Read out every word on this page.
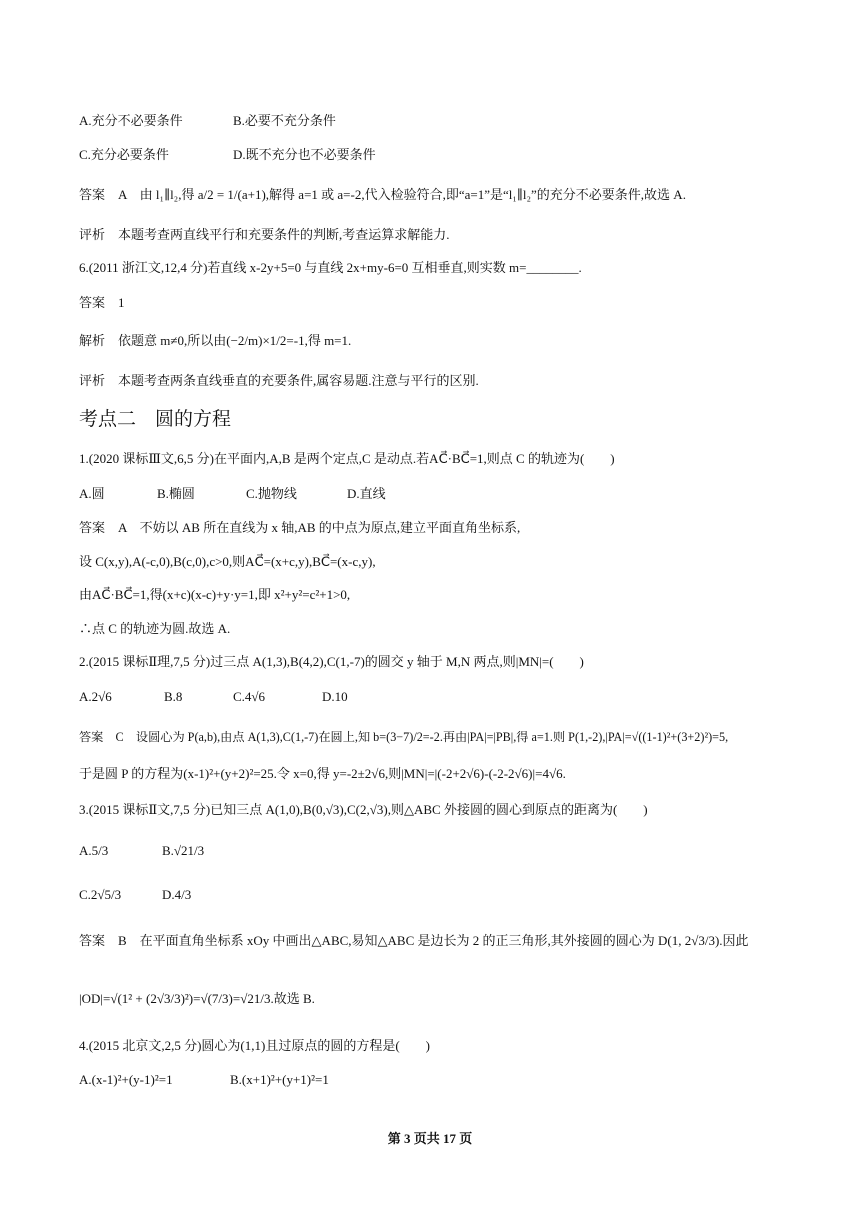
A.充分不必要条件	B.必要不充分条件
C.充分必要条件	D.既不充分也不必要条件
答案　A　由 l₁∥l₂,得 a/2 = 1/(a+1),解得 a=1 或 a=-2,代入检验符合,即“a=1”是“l₁∥l₂”的充分不必要条件,故选 A.
评析　本题考查两直线平行和充要条件的判断,考查运算求解能力.
6.(2011 浙江文,12,4 分)若直线 x-2y+5=0 与直线 2x+my-6=0 互相垂直,则实数 m=________.
答案　1
解析　依题意 m≠0,所以由(−2/m)×1/2=-1,得 m=1.
评析　本题考查两条直线垂直的充要条件,属容易题.注意与平行的区别.
考点二　圆的方程
1.(2020 课标Ⅲ文,6,5 分)在平面内,A,B 是两个定点,C 是动点.若AC⃗·BC⃗=1,则点 C 的轨迹为(　　)
A.圆	B.椭圆	C.抛物线	D.直线
答案　A　不妨以 AB 所在直线为 x 轴,AB 的中点为原点,建立平面直角坐标系,
设 C(x,y),A(-c,0),B(c,0),c>0,则AC⃗=(x+c,y),BC⃗=(x-c,y),
由AC⃗·BC⃗=1,得(x+c)(x-c)+y·y=1,即 x²+y²=c²+1>0,
∴点 C 的轨迹为圆.故选 A.
2.(2015 课标Ⅱ理,7,5 分)过三点 A(1,3),B(4,2),C(1,-7)的圆交 y 轴于 M,N 两点,则|MN|=(　　)
A.2√6	B.8	C.4√6	D.10
答案　C　设圆心为 P(a,b),由点 A(1,3),C(1,-7)在圆上,知 b=(3−7)/2=-2.再由|PA|=|PB|,得 a=1.则 P(1,-2),|PA|=√((1-1)²+(3+2)²)=5,
于是圆 P 的方程为(x-1)²+(y+2)²=25.令 x=0,得 y=-2±2√6,则|MN|=|(-2+2√6)-(-2-2√6)|=4√6.
3.(2015 课标Ⅱ文,7,5 分)已知三点 A(1,0),B(0,√3),C(2,√3),则△ABC 外接圆的圆心到原点的距离为(　　)
A.5/3	B.√21/3
C.2√5/3	D.4/3
答案　B　在平面直角坐标系 xOy 中画出△ABC,易知△ABC 是边长为 2 的正三角形,其外接圆的圆心为 D(1, 2√3/3).因此
|OD|=√(1² + (2√3/3)²)=√(7/3)=√21/3.故选 B.
4.(2015 北京文,2,5 分)圆心为(1,1)且过原点的圆的方程是(　　)
A.(x-1)²+(y-1)²=1	B.(x+1)²+(y+1)²=1
第 3 页共 17 页
